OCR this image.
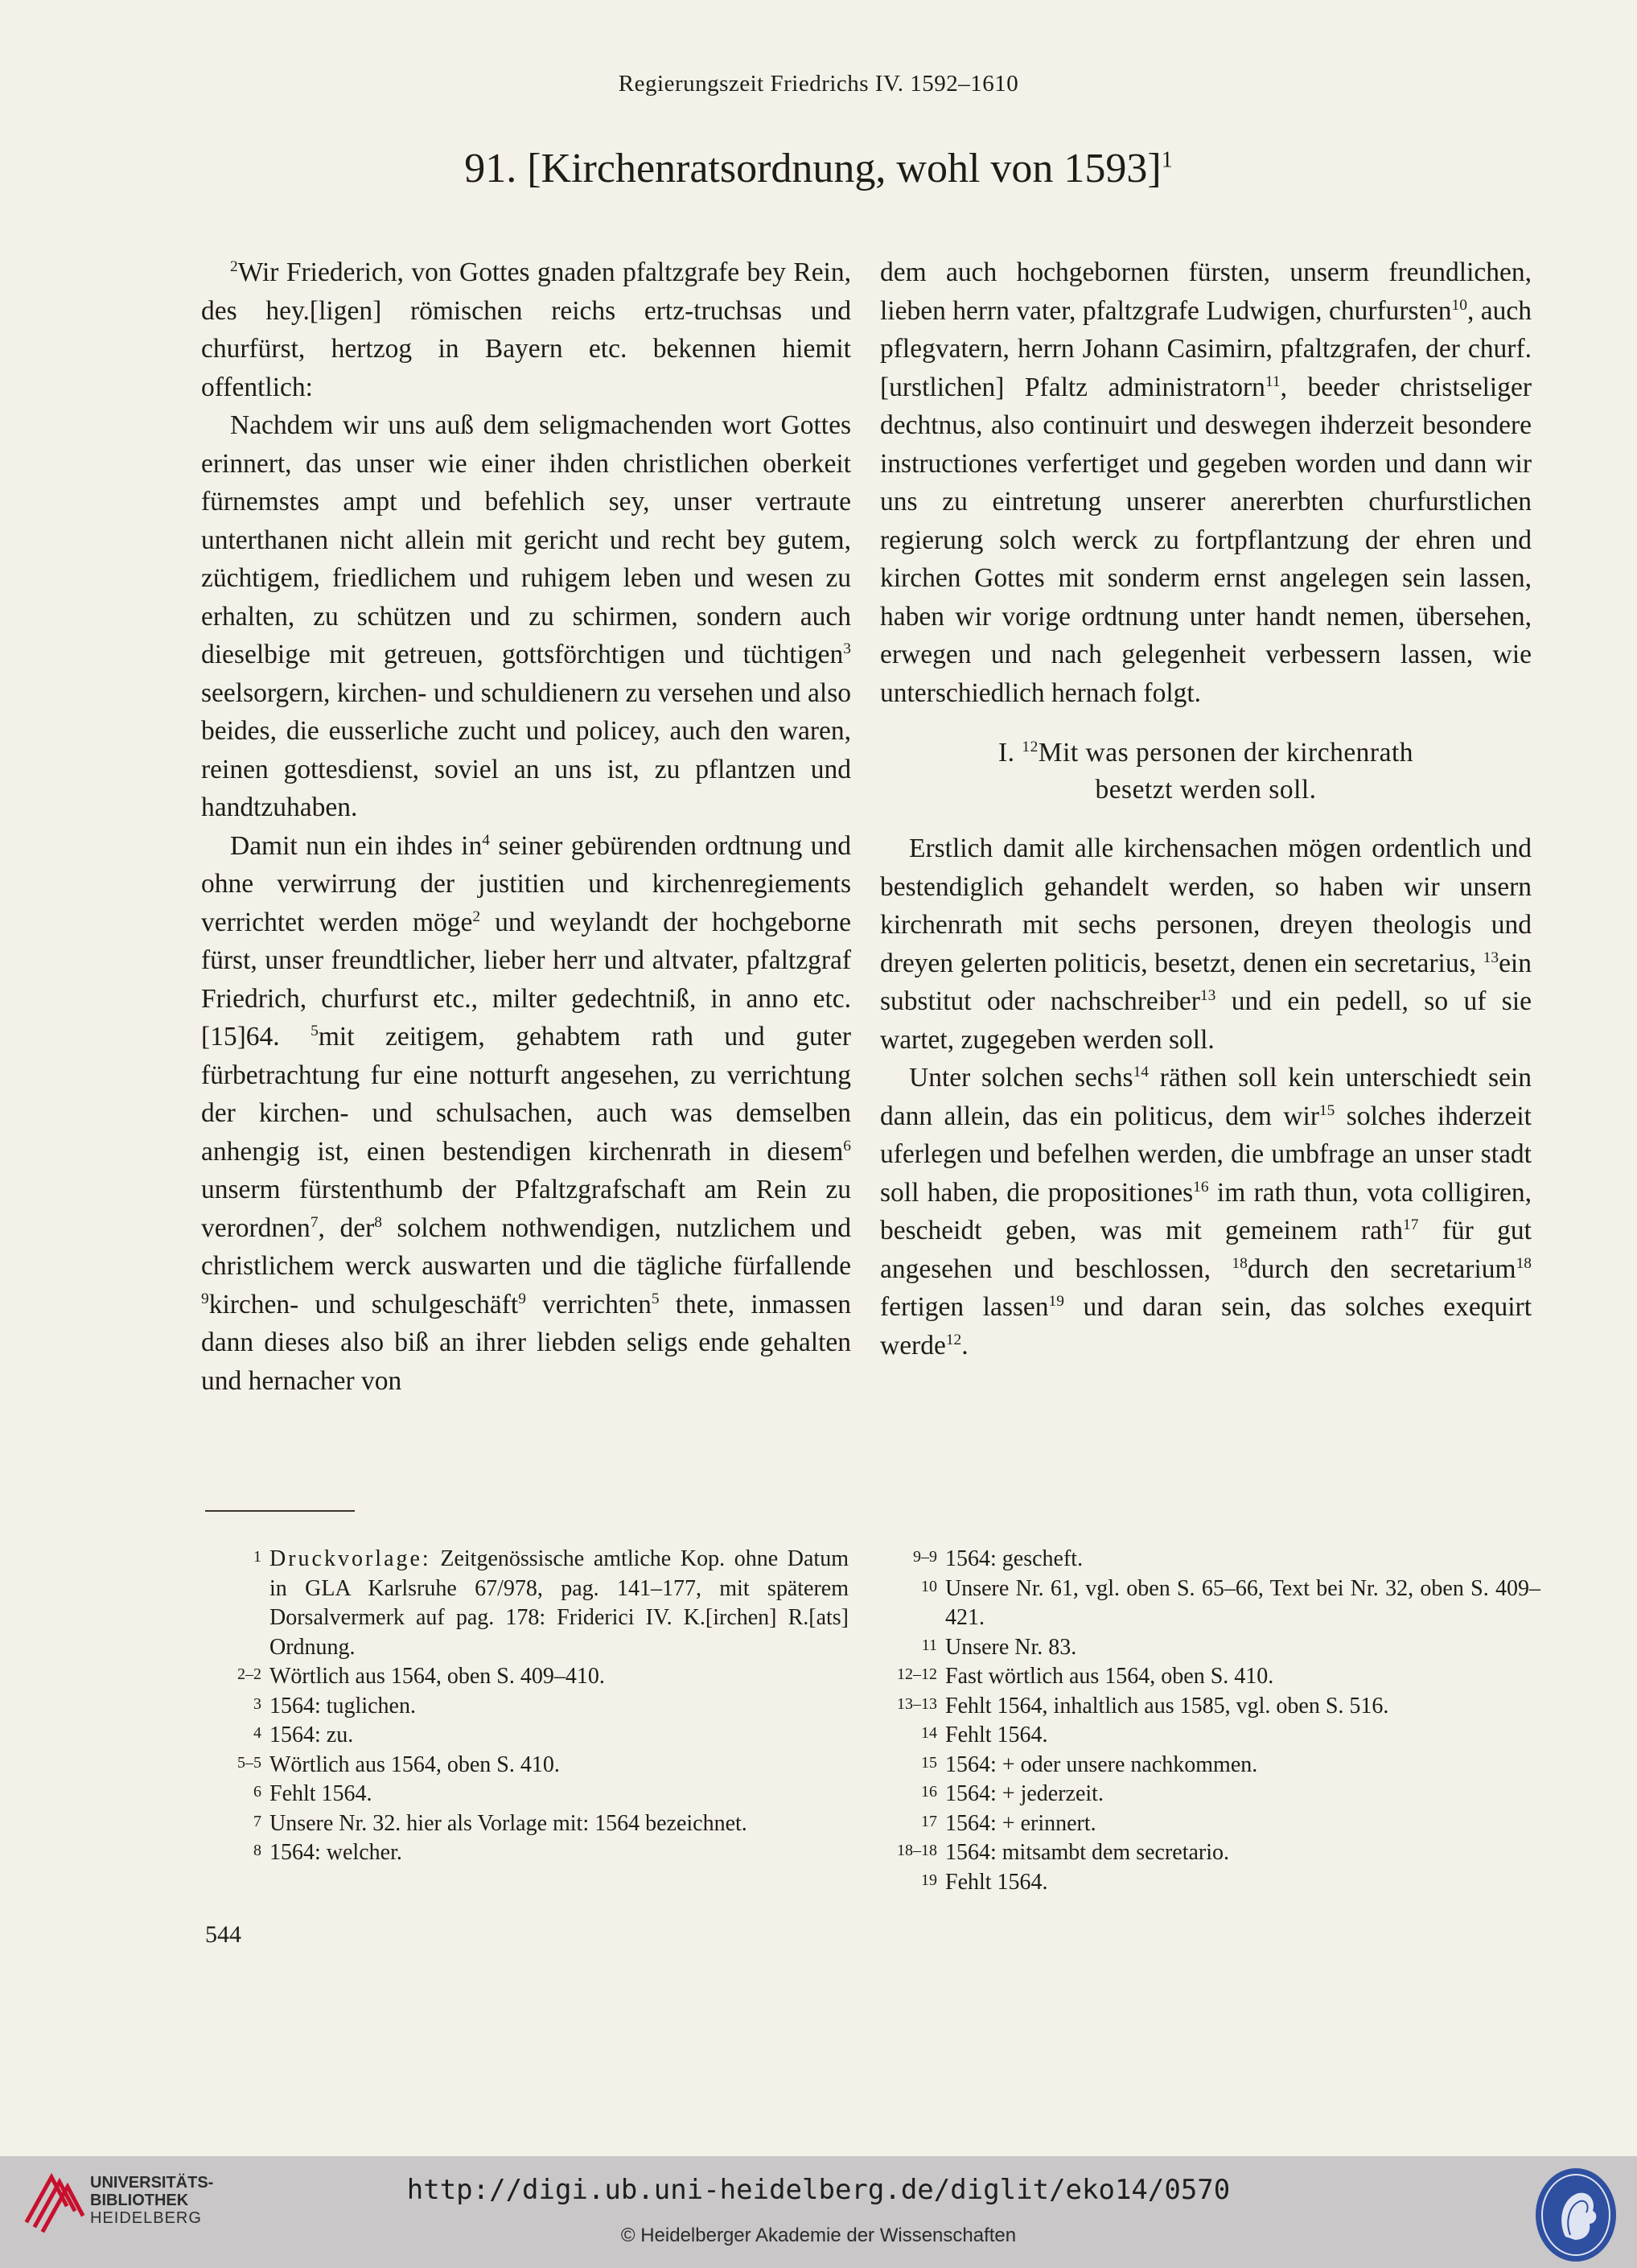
Regierungszeit Friedrichs IV. 1592–1610
91. [Kirchenratsordnung, wohl von 1593]$^1$

$^2$Wir Friederich, von Gottes gnaden pfaltzgrafe bey Rein, des hey.[ligen] römischen reichs ertz-truchsas und churfürst, hertzog in Bayern etc. bekennen hiemit offentlich:

Nachdem wir uns auß dem seligmachenden wort Gottes erinnert, das unser wie einer ihden christlichen oberkeit fürnemstes ampt und befehlich sey, unser vertraute unterthanen nicht allein mit gericht und recht bey gutem, züchtigem, friedlichem und ruhigem leben und wesen zu erhalten, zu schützen und zu schirmen, sondern auch dieselbige mit getreuen, gottsförchtigen und tüchtigen$^3$ seelsorgern, kirchen- und schuldienern zu versehen und also beides, die eusserliche zucht und policey, auch den waren, reinen gottesdienst, soviel an uns ist, zu pflantzen und handtzuhaben.

Damit nun ein ihdes $in^4$ seiner gebürenden ordtnung und ohne verwirrung der justitien und kirchenregiements verrichtet werden möge$^2$ und weylandt der hochgeborne fürst, unser freundtlicher, lieber herr und altvater, pfaltzgraf Friedrich, churfurst etc., milter gedechtniß, in anno etc. [15]64. $^5$mit zeitigem, gehabtem rath und guter fürbetrachtung fur eine notturft angesehen, zu verrichtung der kirchen- und schulsachen, auch was demselben anhengig ist, einen bestendigen kirchenrath in diesem$^6$ unserm fürstenthumb der Pfaltzgrafschaft am Rein zu verordnen$^7$, der$^8$ solchem nothwendigen, nutzlichem und christlichem werck auswarten und die tägliche fürfallende $^9$kirchen- und schulgeschäft$^9$ verrichten$^5$ thete, inmassen dann dieses also biß an ihrer liebden seligs ende gehalten und hernacher von

dem auch hochgebornen fürsten, unserm freundlichen, lieben herrn vater, pfaltzgrafe Ludwigen, churfursten$^{10}$, auch pflegvatern, herrn Johann Casimirn, pfaltzgrafen, der churf.[urstlichen] Pfaltz administratorn$^{11}$, beeder christseliger dechtnus, also continuirt und deswegen ihderzeit besondere instructiones verfertiget und gegeben worden und dann wir uns zu eintretung unserer anererbten churfurstlichen regierung solch werck zu fortpflantzung der ehren und kirchen Gottes mit sonderm ernst angelegen sein lassen, haben wir vorige ordtnung unter handt nemen, übersehen, erwegen und nach gelegenheit verbessern lassen, wie unterschiedlich hernach folgt.

I. $^{12}$Mit was personen der kirchenrath
besetzt werden soll.

Erstlich damit alle kirchensachen mögen ordentlich und bestendiglich gehandelt werden, so haben wir unsern kirchenrath mit sechs personen, dreyen theologis und dreyen gelerten politicis, besetzt, denen ein secretarius, $^{13}$ein substitut oder nachschreiber$^{13}$ und ein pedell, so uf sie wartet, zugegeben werden soll.

Unter solchen sechs$^{14}$ räthen soll kein unterschiedt sein dann allein, das ein politicus, dem wir$^{15}$ solches ihderzeit uferlegen und befelhen werden, die umbfrage an unser stadt soll haben, die propositiones$^{16}$ im rath thun, vota colligiren, bescheidt geben, was mit gemeinem rath$^{17}$ für gut angesehen und beschlossen, $^{18}$durch den secretarium$^{18}$ fertigen lassen$^{19}$ und daran sein, das solches exequirt werde$^{12}$.

1 Druckvorlage: Zeitgenössische amtliche Kop. ohne Datum in GLA Karlsruhe 67/978, pag. 141–177, mit späterem Dorsalvermerk auf pag. 178: Friderici IV. K.[irchen] R.[ats] Ordnung.
2–2 Wörtlich aus 1564, oben S. 409–410.
3 1564: tuglichen.
4 1564: zu.
5–5 Wörtlich aus 1564, oben S. 410.
6 Fehlt 1564.
7 Unsere Nr. 32. hier als Vorlage mit: 1564 bezeichnet.
8 1564: welcher.
9–9 1564: gescheft.
10 Unsere Nr. 61, vgl. oben S. 65–66, Text bei Nr. 32, oben S. 409–421.
11 Unsere Nr. 83.
12–12 Fast wörtlich aus 1564, oben S. 410.
13–13 Fehlt 1564, inhaltlich aus 1585, vgl. oben S. 516.
14 Fehlt 1564.
15 1564: + oder unsere nachkommen.
16 1564: + jederzeit.
17 1564: + erinnert.
18–18 1564: mitsambt dem secretario.
19 Fehlt 1564.
544
UNIVERSITÄTS-
BIBLIOTHEK
HEIDELBERG
http://digi.ub.uni-heidelberg.de/diglit/eko14/0570
© Heidelberger Akademie der Wissenschaften
